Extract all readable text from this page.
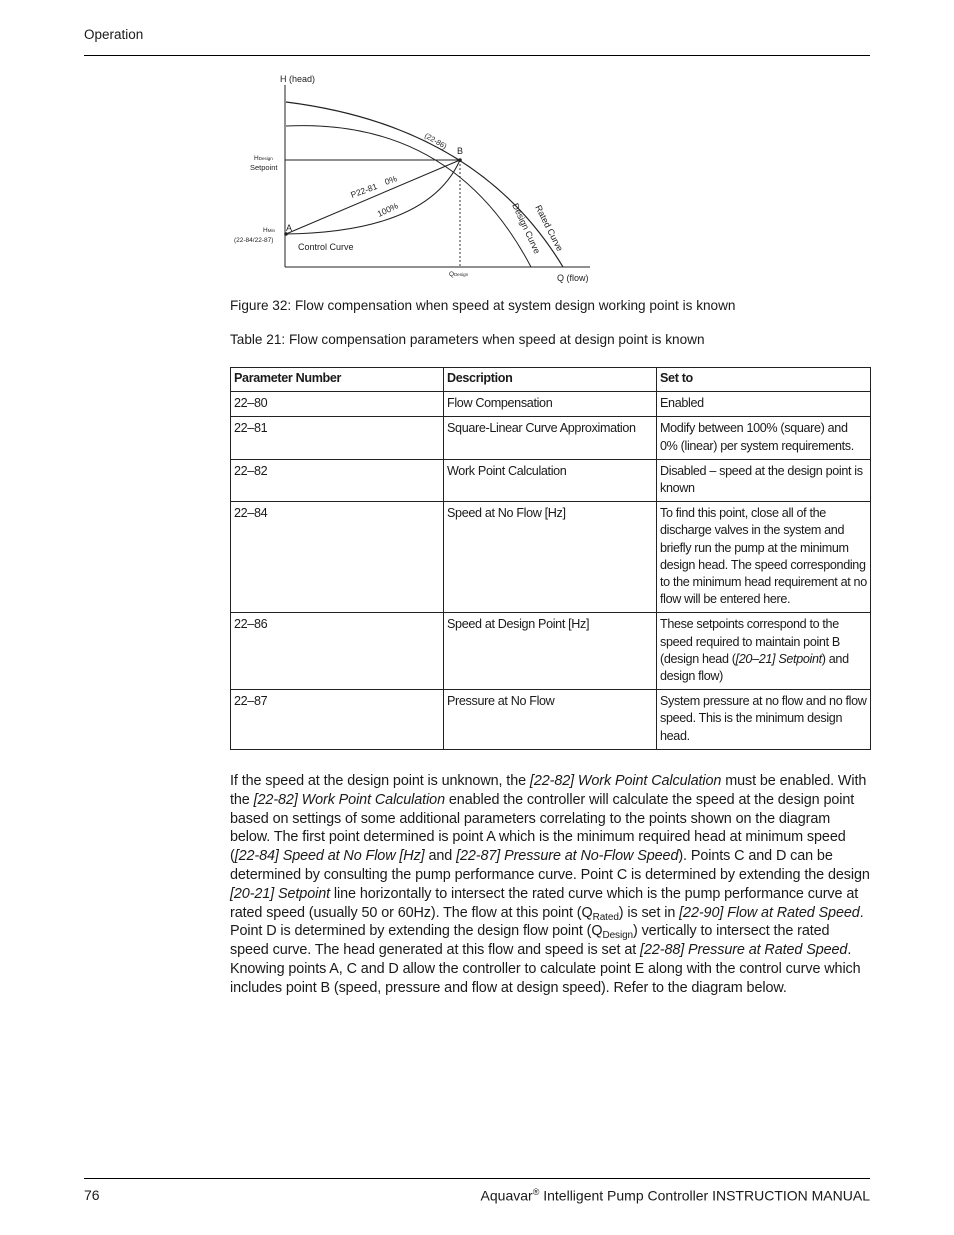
Operation
H (head)
Q (flow)
HDesign
Setpoint
HMin
(22-84/22-87)
QDesign
A
B
P22-81
0%
100%
(22-86)
Control Curve	Rated Curve
Design Curve
Figure 32: Flow compensation when speed at system design working point is known
Table 21: Flow compensation parameters when speed at design point is known
Parameter Number	Description	Set to
22–80	Flow Compensation	Enabled
22–81	Square-Linear Curve Approximation	Modify between 100% (square) and 0% (linear) per system requirements.
22–82	Work Point Calculation	Disabled – speed at the design point is known
22–84	Speed at No Flow [Hz]	To find this point, close all of the discharge valves in the system and briefly run the pump at the minimum design head. The speed corresponding to the minimum head requirement at no flow will be entered here.
22–86	Speed at Design Point [Hz]	These setpoints correspond to the speed required to maintain point B (design head ([20–21] Setpoint) and design flow)
22–87	Pressure at No Flow	System pressure at no flow and no flow speed. This is the minimum design head.
If the speed at the design point is unknown, the [22-82] Work Point Calculation must be enabled. With the [22-82] Work Point Calculation enabled the controller will calculate the speed at the design point based on settings of some additional parameters correlating to the points shown on the diagram below. The first point determined is point A which is the minimum required head at minimum speed ([22-84] Speed at No Flow [Hz] and [22-87] Pressure at No-Flow Speed). Points C and D can be determined by consulting the pump performance curve. Point C is determined by extending the design [20-21] Setpoint line horizontally to intersect the rated curve which is the pump performance curve at rated speed (usually 50 or 60Hz). The flow at this point $(Q_{Rated})$ is set in [22-90] Flow at Rated Speed. Point D is determined by extending the design flow point $(Q_{Design})$ vertically to intersect the rated speed curve. The head generated at this flow and speed is set at [22-88] Pressure at Rated Speed. Knowing points A, C and D allow the controller to calculate point E along with the control curve which includes point B (speed, pressure and flow at design speed). Refer to the diagram below.
76	Aquavar® Intelligent Pump Controller INSTRUCTION MANUAL
